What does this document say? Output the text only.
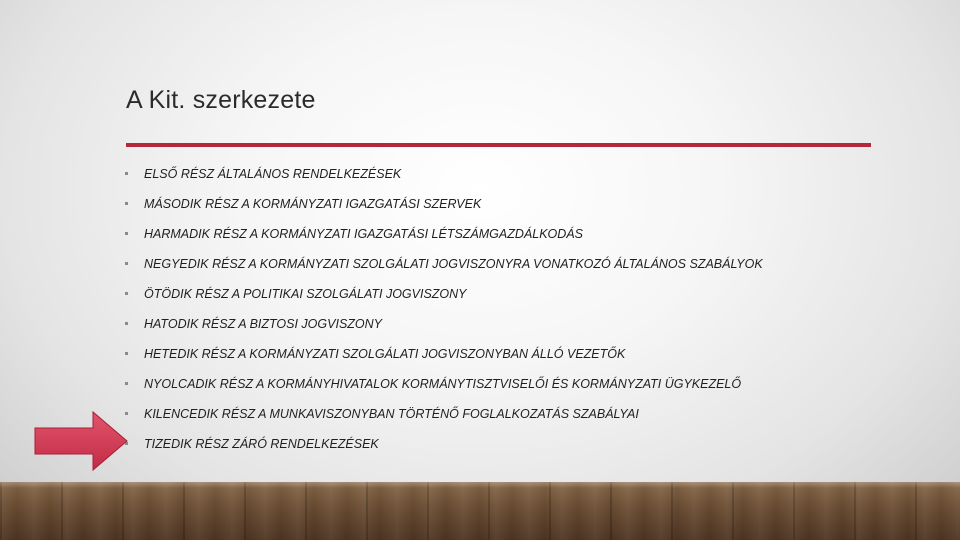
A Kit. szerkezete
ELSŐ RÉSZ ÁLTALÁNOS RENDELKEZÉSEK
MÁSODIK RÉSZ A KORMÁNYZATI IGAZGATÁSI SZERVEK
HARMADIK RÉSZ A KORMÁNYZATI IGAZGATÁSI LÉTSZÁMGAZDÁLKODÁS
NEGYEDIK RÉSZ A KORMÁNYZATI SZOLGÁLATI JOGVISZONYRA VONATKOZÓ ÁLTALÁNOS SZABÁLYOK
ÖTÖDIK RÉSZ A POLITIKAI SZOLGÁLATI JOGVISZONY
HATODIK RÉSZ A BIZTOSI JOGVISZONY
HETEDIK RÉSZ A KORMÁNYZATI SZOLGÁLATI JOGVISZONYBAN ÁLLÓ VEZETŐK
NYOLCADIK RÉSZ A KORMÁNYHIVATALOK KORMÁNYTISZTVISELŐI ÉS KORMÁNYZATI ÜGYKEZELŐ
KILENCEDIK RÉSZ A MUNKAVISZONYBAN TÖRTÉNŐ FOGLALKOZATÁS SZABÁLYAI
TIZEDIK RÉSZ ZÁRÓ RENDELKEZÉSEK
